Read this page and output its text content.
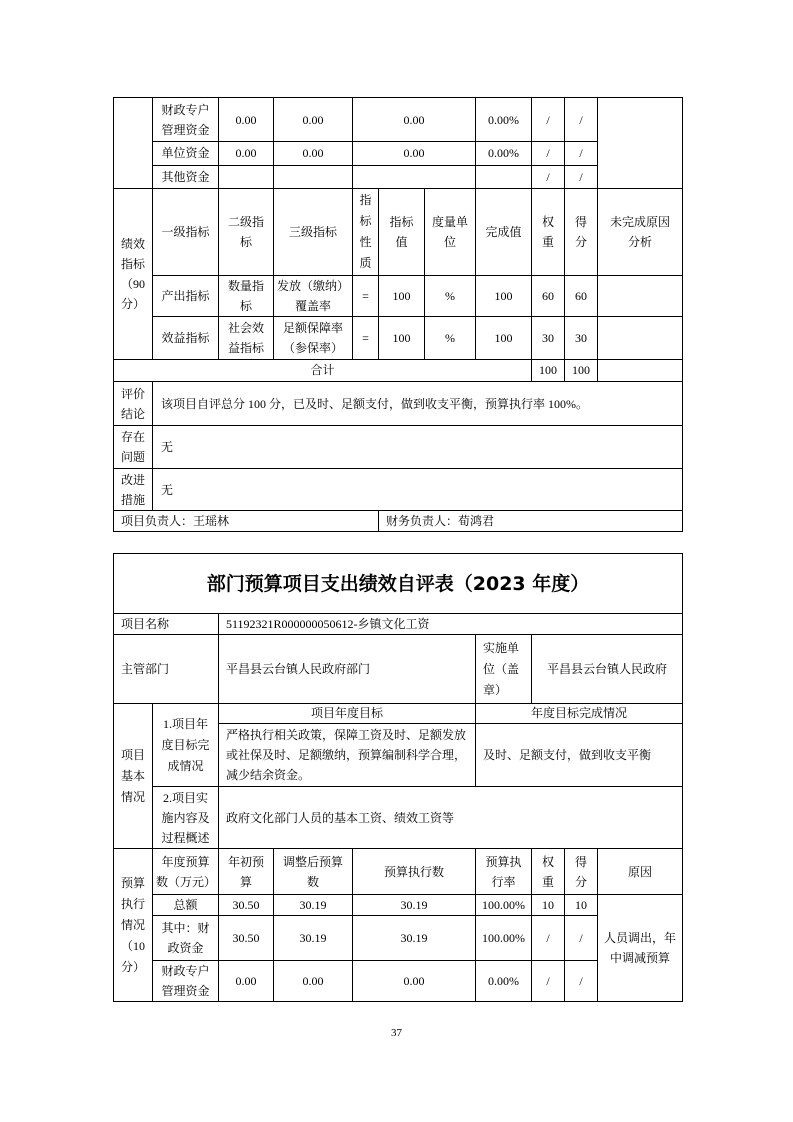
	财政专户管理资金	0.00	0.00	0.00			0.00%	/	/	
	单位资金	0.00	0.00	0.00			0.00%	/	/	
	其他资金							/	/	
绩效指标（90分）	一级指标	二级指标	三级指标	指标性质	指标值	度量单位	完成值	权重	得分	未完成原因分析
	产出指标	数量指标	发放（缴纳）覆盖率	=	100	%	100	60	60	
	效益指标	社会效益指标	足额保障率（参保率）	=	100	%	100	30	30	
合计								100	100	
评价结论	该项目自评总分 100 分，已及时、足额支付，做到收支平衡，预算执行率 100%。									
存在问题	无									
改进措施	无									
项目负责人：王瑶林					财务负责人：荀鸿君					
部门预算项目支出绩效自评表（2023 年度）								
项目名称		51192321R000000050612-乡镇文化工资						
主管部门		平昌县云台镇人民政府部门			实施单位（盖章）	平昌县云台镇人民政府		
项目基本情况	1.项目年度目标完成情况	项目年度目标			年度目标完成情况			
		严格执行相关政策，保障工资及时、足额发放或社保及时、足额缴纳，预算编制科学合理，减少结余资金。			及时、足额支付，做到收支平衡			
	2.项目实施内容及过程概述	政府文化部门人员的基本工资、绩效工资等						
预算执行情况（10分）	年度预算数（万元）	年初预算	调整后预算数	预算执行数	预算执行率	权重	得分	原因
	总额	30.50	30.19	30.19	100.00%	10	10	人员调出，年中调减预算
	其中：财政资金	30.50	30.19	30.19	100.00%	/	/	
	财政专户管理资金	0.00	0.00	0.00	0.00%	/	/	
37
